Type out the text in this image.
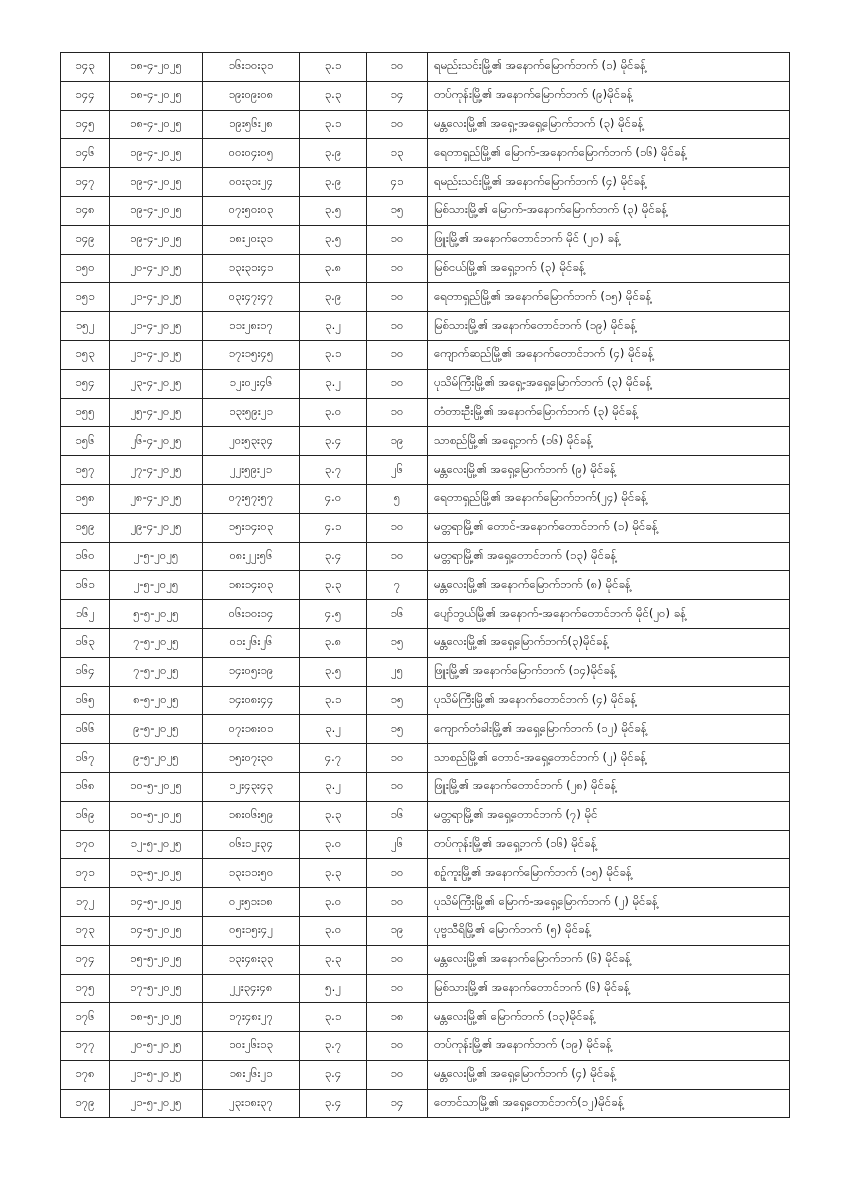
၁၄၃	၁၈-၄-၂၀၂၅	၁၆း၁၀း၃၁	၃.၁	၁၀	ရမည်းသင်းမြို့၏ အနောက်မြောက်ဘက် (၁) မိုင်ခန့်
၁၄၄	၁၈-၄-၂၀၂၅	၁၉း၀၉း၀၈	၃.၃	၁၄	တပ်ကုန်းမြို့၏ အနောက်မြောက်ဘက် (၉)မိုင်ခန့်
၁၄၅	၁၈-၄-၂၀၂၅	၁၉း၅၆း၂၈	၃.၁	၁၀	မန္တလေးမြို့၏ အရှေ့-အရှေ့မြောက်ဘက် (၃) မိုင်ခန့်
၁၄၆	၁၉-၄-၂၀၂၅	၀၀း၀၄း၀၅	၃.၉	၁၃	ရေတာရှည်မြို့၏ မြောက်-အနောက်မြောက်ဘက် (၁၆) မိုင်ခန့်
၁၄၇	၁၉-၄-၂၀၂၅	၀၀း၃၁း၂၄	၃.၉	၄၁	ရမည်းသင်းမြို့၏ အနောက်မြောက်ဘက် (၄) မိုင်ခန့်
၁၄၈	၁၉-၄-၂၀၂၅	၀၇း၅၀း၀၃	၃.၅	၁၅	မြစ်သားမြို့၏ မြောက်-အနောက်မြောက်ဘက် (၃) မိုင်ခန့်
၁၄၉	၁၉-၄-၂၀၂၅	၁၈း၂၀း၃၁	၃.၅	၁၀	ဖြူးမြို့၏ အနောက်တောင်ဘက် မိုင် (၂၀) ခန့်
၁၅၀	၂၀-၄-၂၀၂၅	၁၃း၃၁း၄၁	၃.၈	၁၀	မြစ်ငယ်မြို့၏ အရှေ့ဘက် (၃) မိုင်ခန့်
၁၅၁	၂၁-၄-၂၀၂၅	၀၃း၄၇း၄၇	၃.၉	၁၀	ရေတာရှည်မြို့၏ အနောက်မြောက်ဘက် (၁၅) မိုင်ခန့်
၁၅၂	၂၁-၄-၂၀၂၅	၁၁း၂၈း၁၇	၃.၂	၁၀	မြစ်သားမြို့၏ အနောက်တောင်ဘက် (၁၉) မိုင်ခန့်
၁၅၃	၂၁-၄-၂၀၂၅	၁၇း၁၅း၄၅	၃.၁	၁၀	ကျောက်ဆည်မြို့၏ အနောက်တောင်ဘက် (၄) မိုင်ခန့်
၁၅၄	၂၃-၄-၂၀၂၅	၁၂း၀၂း၄၆	၃.၂	၁၀	ပုသိမ်ကြီးမြို့၏ အရှေ့-အရှေ့မြောက်ဘက် (၃) မိုင်ခန့်
၁၅၅	၂၅-၄-၂၀၂၅	၁၃း၅၉း၂၁	၃.၀	၁၀	တံတားဦးမြို့၏ အနောက်မြောက်ဘက် (၃) မိုင်ခန့်
၁၅၆	၂၆-၄-၂၀၂၅	၂၀း၅၃း၃၄	၃.၄	၁၉	သာစည်မြို့၏ အရှေ့ဘက် (၁၆) မိုင်ခန့်
၁၅၇	၂၇-၄-၂၀၂၅	၂၂း၅၉း၂၁	၃.၇	၂၆	မန္တလေးမြို့၏ အရှေ့မြောက်ဘက် (၉) မိုင်ခန့်
၁၅၈	၂၈-၄-၂၀၂၅	၀၇း၅၇း၅၇	၄.၀	၅	ရေတာရှည်မြို့၏ အနောက်မြောက်ဘက်(၂၄) မိုင်ခန့်
၁၅၉	၂၉-၄-၂၀၂၅	၁၅း၁၄း၀၃	၄.၁	၁၀	မတ္တရာမြို့၏ တောင်-အနောက်တောင်ဘက် (၁) မိုင်ခန့်
၁၆၀	၂-၅-၂၀၂၅	၀၈း၂၂း၅၆	၃.၄	၁၀	မတ္တရာမြို့၏ အရှေ့တောင်ဘက် (၁၃) မိုင်ခန့်
၁၆၁	၂-၅-၂၀၂၅	၁၈း၁၄း၀၃	၃.၃	၇	မန္တလေးမြို့၏ အနောက်မြောက်ဘက် (၈) မိုင်ခန့်
၁၆၂	၅-၅-၂၀၂၅	၀၆း၁၀း၁၄	၄.၅	၁၆	ပျော်ဘွယ်မြို့၏ အနောက်-အနောက်တောင်ဘက် မိုင်(၂၀) ခန့်
၁၆၃	၇-၅-၂၀၂၅	၀၁း၂၆း၂၆	၃.၈	၁၅	မန္တလေးမြို့၏ အရှေ့မြောက်ဘက်(၃)မိုင်ခန့်
၁၆၄	၇-၅-၂၀၂၅	၁၄း၀၅း၁၉	၃.၅	၂၅	ဖြူးမြို့၏ အနောက်မြောက်ဘက် (၁၄)မိုင်ခန့်
၁၆၅	၈-၅-၂၀၂၅	၁၄း၀၈း၄၄	၃.၁	၁၅	ပုသိမ်ကြီးမြို့၏ အနောက်တောင်ဘက် (၄) မိုင်ခန့်
၁၆၆	၉-၅-၂၀၂၅	၀၇း၁၈း၀၁	၃.၂	၁၅	ကျောက်တံခါးမြို့၏ အရှေ့မြောက်ဘက် (၁၂) မိုင်ခန့်
၁၆၇	၉-၅-၂၀၂၅	၁၅း၀၇း၃၀	၄.၇	၁၀	သာစည်မြို့၏ တောင်-အရှေ့တောင်ဘက် (၂) မိုင်ခန့်
၁၆၈	၁၀-၅-၂၀၂၅	၁၂း၄၃း၄၃	၃.၂	၁၀	ဖြူးမြို့၏ အနောက်တောင်ဘက် (၂၈) မိုင်ခန့်
၁၆၉	၁၀-၅-၂၀၂၅	၁၈း၀၆း၅၉	၃.၃	၁၆	မတ္တရာမြို့၏ အရှေ့တောင်ဘက် (၇) မိုင်
၁၇၀	၁၂-၅-၂၀၂၅	၀၆း၁၂း၃၄	၃.၀	၂၆	တပ်ကုန်းမြို့၏ အရှေ့ဘက် (၁၆) မိုင်ခန့်
၁၇၁	၁၃-၅-၂၀၂၅	၁၃း၁၁း၅၀	၃.၃	၁၀	စဉ့်ကူးမြို့၏ အနောက်မြောက်ဘက် (၁၅) မိုင်ခန့်
၁၇၂	၁၄-၅-၂၀၂၅	၀၂း၅၁း၁၈	၃.၀	၁၀	ပုသိမ်ကြီးမြို့၏ မြောက်-အရှေ့မြောက်ဘက် (၂) မိုင်ခန့်
၁၇၃	၁၄-၅-၂၀၂၅	၀၅း၁၅း၄၂	၃.၀	၁၉	ပုဗ္ဗသီရိမြို့၏ မြောက်ဘက် (၅) မိုင်ခန့်
၁၇၄	၁၅-၅-၂၀၂၅	၁၃း၄၈း၃၃	၃.၃	၁၀	မန္တလေးမြို့၏ အနောက်မြောက်ဘက် (၆) မိုင်ခန့်
၁၇၅	၁၇-၅-၂၀၂၅	၂၂း၃၄း၄၈	၅.၂	၁၀	မြစ်သားမြို့၏ အနောက်တောင်ဘက် (၆) မိုင်ခန့်
၁၇၆	၁၈-၅-၂၀၂၅	၁၇း၄၈း၂၇	၃.၁	၁၈	မန္တလေးမြို့၏ မြောက်ဘက် (၁၃)မိုင်ခန့်
၁၇၇	၂၀-၅-၂၀၂၅	၁၀း၂၆း၁၃	၃.၇	၁၀	တပ်ကုန်းမြို့၏ အနောက်ဘက် (၁၉) မိုင်ခန့်
၁၇၈	၂၁-၅-၂၀၂၅	၁၈း၂၆း၂၁	၃.၄	၁၀	မန္တလေးမြို့၏ အရှေ့မြောက်ဘက် (၄) မိုင်ခန့်
၁၇၉	၂၁-၅-၂၀၂၅	၂၃း၁၈း၃၇	၃.၄	၁၄	တောင်သာမြို့၏ အရှေ့တောင်ဘက်(၁၂)မိုင်ခန့်
